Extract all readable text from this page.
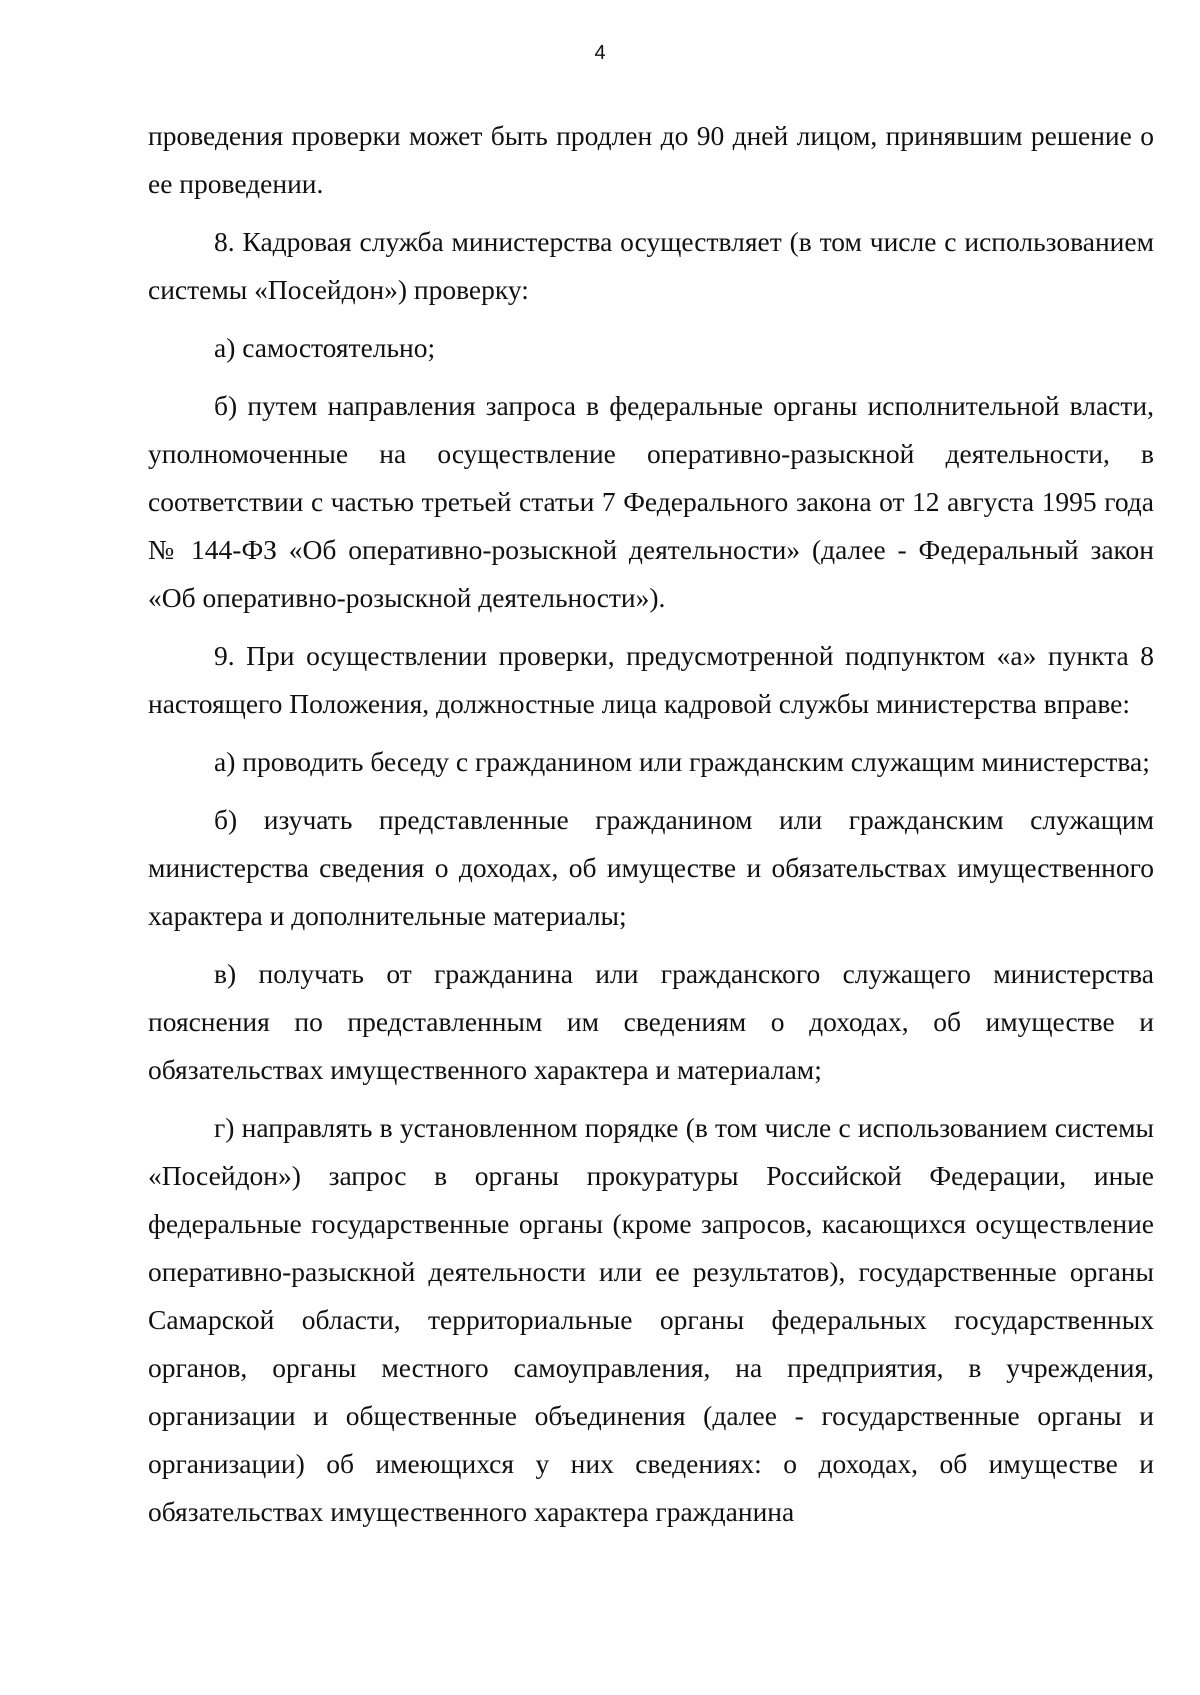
4

проведения проверки может быть продлен до 90 дней лицом, принявшим решение о ее проведении.

8. Кадровая служба министерства осуществляет (в том числе с использованием системы «Посейдон») проверку:

а) самостоятельно;

б) путем направления запроса в федеральные органы исполнительной власти, уполномоченные на осуществление оперативно-разыскной деятельности, в соответствии с частью третьей статьи 7 Федерального закона от 12 августа 1995 года № 144-ФЗ «Об оперативно-розыскной деятельности» (далее - Федеральный закон «Об оперативно-розыскной деятельности»).

9. При осуществлении проверки, предусмотренной подпунктом «а» пункта 8 настоящего Положения, должностные лица кадровой службы министерства вправе:

а) проводить беседу с гражданином или гражданским служащим министерства;

б) изучать представленные гражданином или гражданским служащим министерства сведения о доходах, об имуществе и обязательствах имущественного характера и дополнительные материалы;

в) получать от гражданина или гражданского служащего министерства пояснения по представленным им сведениям о доходах, об имуществе и обязательствах имущественного характера и материалам;

г) направлять в установленном порядке (в том числе с использованием системы «Посейдон») запрос в органы прокуратуры Российской Федерации, иные федеральные государственные органы (кроме запросов, касающихся осуществление оперативно-разыскной деятельности или ее результатов), государственные органы Самарской области, территориальные органы федеральных государственных органов, органы местного самоуправления, на предприятия, в учреждения, организации и общественные объединения (далее - государственные органы и организации) об имеющихся у них сведениях: о доходах, об имуществе и обязательствах имущественного характера гражданина
